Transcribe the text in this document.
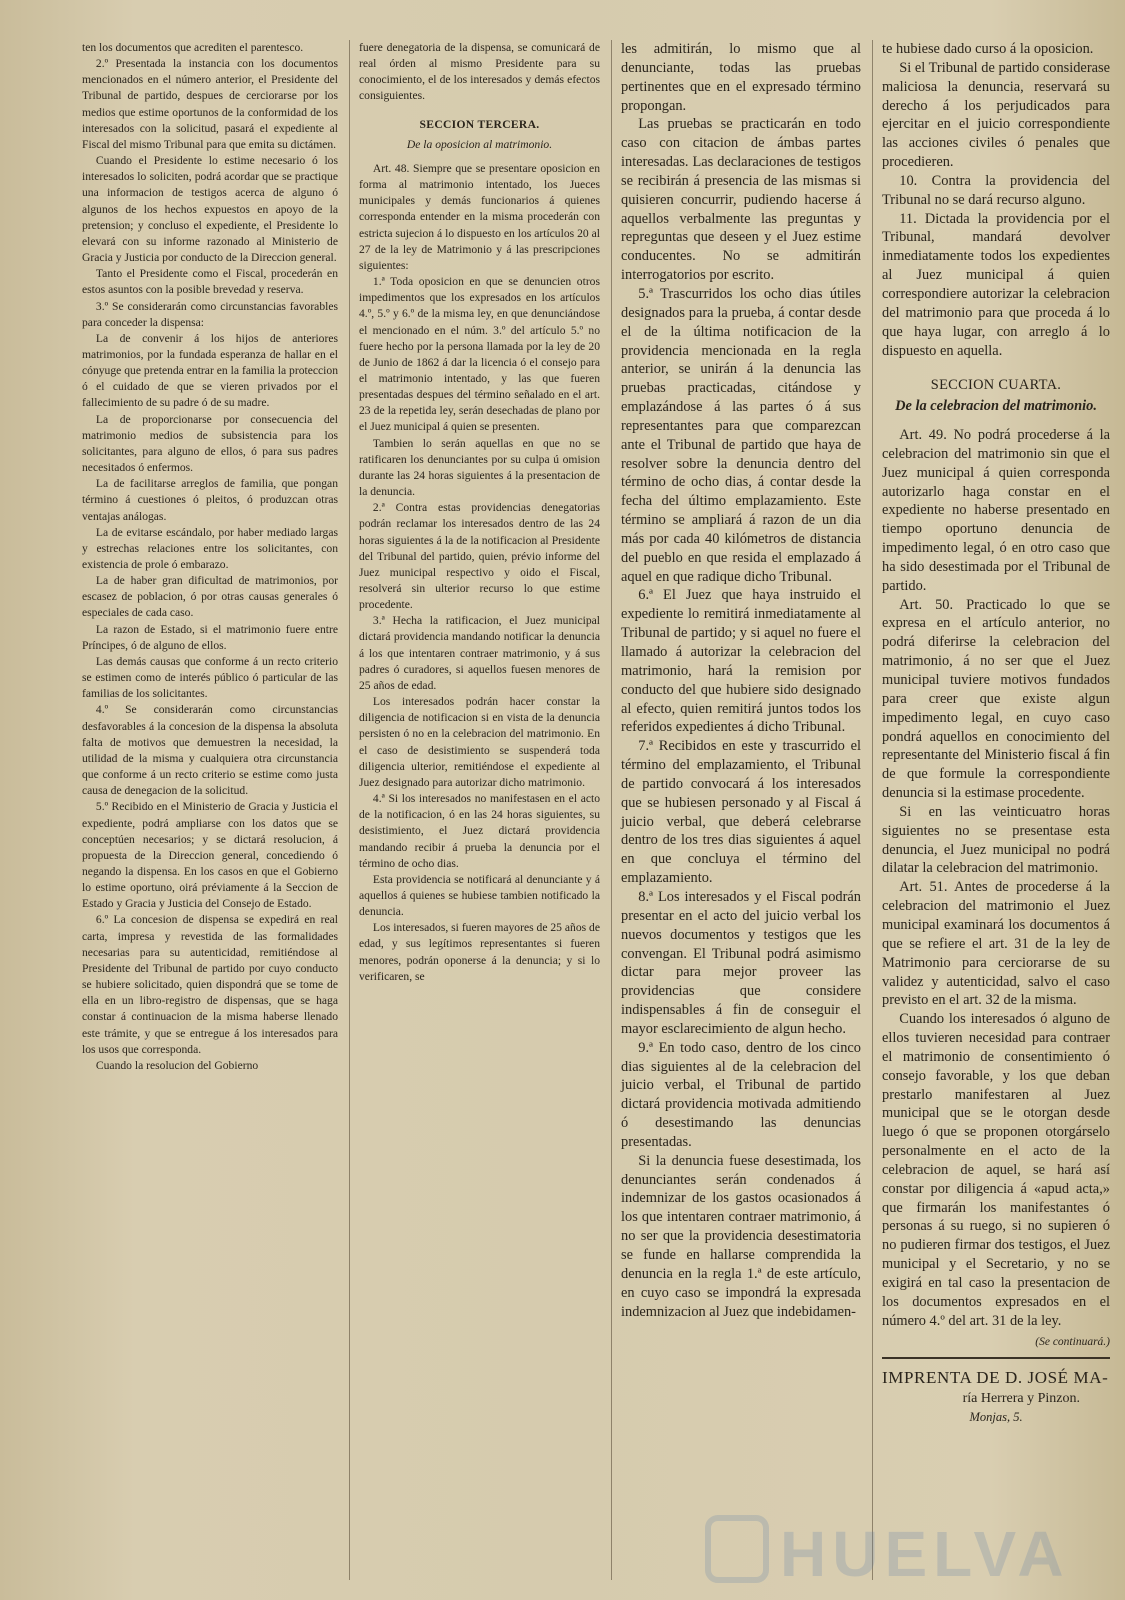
ten los documentos que acrediten el parentesco.

2.º Presentada la instancia con los documentos mencionados en el número anterior, el Presidente del Tribunal de partido, despues de cerciorarse por los medios que estime oportunos de la conformidad de los interesados con la solicitud, pasará el expediente al Fiscal del mismo Tribunal para que emita su dictámen.

Cuando el Presidente lo estime necesario ó los interesados lo soliciten, podrá acordar que se practique una informacion de testigos acerca de alguno ó algunos de los hechos expuestos en apoyo de la pretension; y concluso el expediente, el Presidente lo elevará con su informe razonado al Ministerio de Gracia y Justicia por conducto de la Direccion general.

Tanto el Presidente como el Fiscal, procederán en estos asuntos con la posible brevedad y reserva.

3.º Se considerarán como circunstancias favorables para conceder la dispensa:

La de convenir á los hijos de anteriores matrimonios, por la fundada esperanza de hallar en el cónyuge que pretenda entrar en la familia la proteccion ó el cuidado de que se vieren privados por el fallecimiento de su padre ó de su madre.

La de proporcionarse por consecuencia del matrimonio medios de subsistencia para los solicitantes, para alguno de ellos, ó para sus padres necesitados ó enfermos.

La de facilitarse arreglos de familia, que pongan término á cuestiones ó pleitos, ó produzcan otras ventajas análogas.

La de evitarse escándalo, por haber mediado largas y estrechas relaciones entre los solicitantes, con existencia de prole ó embarazo.

La de haber gran dificultad de matrimonios, por escasez de poblacion, ó por otras causas generales ó especiales de cada caso.

La razon de Estado, si el matrimonio fuere entre Príncipes, ó de alguno de ellos.

Las demás causas que conforme á un recto criterio se estimen como de interés público ó particular de las familias de los solicitantes.

4.º Se considerarán como circunstancias desfavorables á la concesion de la dispensa la absoluta falta de motivos que demuestren la necesidad, la utilidad de la misma y cualquiera otra circunstancia que conforme á un recto criterio se estime como justa causa de denegacion de la solicitud.

5.º Recibido en el Ministerio de Gracia y Justicia el expediente, podrá ampliarse con los datos que se conceptúen necesarios; y se dictará resolucion, á propuesta de la Direccion general, concediendo ó negando la dispensa. En los casos en que el Gobierno lo estime oportuno, oirá préviamente á la Seccion de Estado y Gracia y Justicia del Consejo de Estado.

6.º La concesion de dispensa se expedirá en real carta, impresa y revestida de las formalidades necesarias para su autenticidad, remitiéndose al Presidente del Tribunal de partido por cuyo conducto se hubiere solicitado, quien dispondrá que se tome de ella en un libro-registro de dispensas, que se haga constar á continuacion de la misma haberse llenado este trámite, y que se entregue á los interesados para los usos que corresponda.

Cuando la resolucion del Gobierno

fuere denegatoria de la dispensa, se comunicará de real órden al mismo Presidente para su conocimiento, el de los interesados y demás efectos consiguientes.

SECCION TERCERA.

De la oposicion al matrimonio.

Art. 48. Siempre que se presentare oposicion en forma al matrimonio intentado, los Jueces municipales y demás funcionarios á quienes corresponda entender en la misma procederán con estricta sujecion á lo dispuesto en los artículos 20 al 27 de la ley de Matrimonio y á las prescripciones siguientes:

1.ª Toda oposicion en que se denuncien otros impedimentos que los expresados en los artículos 4.º, 5.º y 6.º de la misma ley, en que denunciándose el mencionado en el núm. 3.º del artículo 5.º no fuere hecho por la persona llamada por la ley de 20 de Junio de 1862 á dar la licencia ó el consejo para el matrimonio intentado, y las que fueren presentadas despues del término señalado en el art. 23 de la repetida ley, serán desechadas de plano por el Juez municipal á quien se presenten.

Tambien lo serán aquellas en que no se ratificaren los denunciantes por su culpa ú omision durante las 24 horas siguientes á la presentacion de la denuncia.

2.ª Contra estas providencias denegatorias podrán reclamar los interesados dentro de las 24 horas siguientes á la de la notificacion al Presidente del Tribunal del partido, quien, prévio informe del Juez municipal respectivo y oido el Fiscal, resolverá sin ulterior recurso lo que estime procedente.

3.ª Hecha la ratificacion, el Juez municipal dictará providencia mandando notificar la denuncia á los que intentaren contraer matrimonio, y á sus padres ó curadores, si aquellos fuesen menores de 25 años de edad.

Los interesados podrán hacer constar la diligencia de notificacion si en vista de la denuncia persisten ó no en la celebracion del matrimonio. En el caso de desistimiento se suspenderá toda diligencia ulterior, remitiéndose el expediente al Juez designado para autorizar dicho matrimonio.

4.ª Si los interesados no manifestasen en el acto de la notificacion, ó en las 24 horas siguientes, su desistimiento, el Juez dictará providencia mandando recibir á prueba la denuncia por el término de ocho dias.

Esta providencia se notificará al denunciante y á aquellos á quienes se hubiese tambien notificado la denuncia.

Los interesados, si fueren mayores de 25 años de edad, y sus legítimos representantes si fueren menores, podrán oponerse á la denuncia; y si lo verificaren, se

les admitirán, lo mismo que al denunciante, todas las pruebas pertinentes que en el expresado término propongan.

Las pruebas se practicarán en todo caso con citacion de ámbas partes interesadas. Las declaraciones de testigos se recibirán á presencia de las mismas si quisieren concurrir, pudiendo hacerse á aquellos verbalmente las preguntas y repreguntas que deseen y el Juez estime conducentes. No se admitirán interrogatorios por escrito.

5.ª Trascurridos los ocho dias útiles designados para la prueba, á contar desde el de la última notificacion de la providencia mencionada en la regla anterior, se unirán á la denuncia las pruebas practicadas, citándose y emplazándose á las partes ó á sus representantes para que comparezcan ante el Tribunal de partido que haya de resolver sobre la denuncia dentro del término de ocho dias, á contar desde la fecha del último emplazamiento. Este término se ampliará á razon de un dia más por cada 40 kilómetros de distancia del pueblo en que resida el emplazado á aquel en que radique dicho Tribunal.

6.ª El Juez que haya instruido el expediente lo remitirá inmediatamente al Tribunal de partido; y si aquel no fuere el llamado á autorizar la celebracion del matrimonio, hará la remision por conducto del que hubiere sido designado al efecto, quien remitirá juntos todos los referidos expedientes á dicho Tribunal.

7.ª Recibidos en este y trascurrido el término del emplazamiento, el Tribunal de partido convocará á los interesados que se hubiesen personado y al Fiscal á juicio verbal, que deberá celebrarse dentro de los tres dias siguientes á aquel en que concluya el término del emplazamiento.

8.ª Los interesados y el Fiscal podrán presentar en el acto del juicio verbal los nuevos documentos y testigos que les convengan. El Tribunal podrá asimismo dictar para mejor proveer las providencias que considere indispensables á fin de conseguir el mayor esclarecimiento de algun hecho.

9.ª En todo caso, dentro de los cinco dias siguientes al de la celebracion del juicio verbal, el Tribunal de partido dictará providencia motivada admitiendo ó desestimando las denuncias presentadas.

Si la denuncia fuese desestimada, los denunciantes serán condenados á indemnizar de los gastos ocasionados á los que intentaren contraer matrimonio, á no ser que la providencia desestimatoria se funde en hallarse comprendida la denuncia en la regla 1.ª de este artículo, en cuyo caso se impondrá la expresada indemnizacion al Juez que indebidamen-

te hubiese dado curso á la oposicion.

Si el Tribunal de partido considerase maliciosa la denuncia, reservará su derecho á los perjudicados para ejercitar en el juicio correspondiente las acciones civiles ó penales que procedieren.

10. Contra la providencia del Tribunal no se dará recurso alguno.

11. Dictada la providencia por el Tribunal, mandará devolver inmediatamente todos los expedientes al Juez municipal á quien correspondiere autorizar la celebracion del matrimonio para que proceda á lo que haya lugar, con arreglo á lo dispuesto en aquella.

SECCION CUARTA.

De la celebracion del matrimonio.

Art. 49. No podrá procederse á la celebracion del matrimonio sin que el Juez municipal á quien corresponda autorizarlo haga constar en el expediente no haberse presentado en tiempo oportuno denuncia de impedimento legal, ó en otro caso que ha sido desestimada por el Tribunal de partido.

Art. 50. Practicado lo que se expresa en el artículo anterior, no podrá diferirse la celebracion del matrimonio, á no ser que el Juez municipal tuviere motivos fundados para creer que existe algun impedimento legal, en cuyo caso pondrá aquellos en conocimiento del representante del Ministerio fiscal á fin de que formule la correspondiente denuncia si la estimase procedente.

Si en las veinticuatro horas siguientes no se presentase esta denuncia, el Juez municipal no podrá dilatar la celebracion del matrimonio.

Art. 51. Antes de procederse á la celebracion del matrimonio el Juez municipal examinará los documentos á que se refiere el art. 31 de la ley de Matrimonio para cerciorarse de su validez y autenticidad, salvo el caso previsto en el art. 32 de la misma.

Cuando los interesados ó alguno de ellos tuvieren necesidad para contraer el matrimonio de consentimiento ó consejo favorable, y los que deban prestarlo manifestaren al Juez municipal que se le otorgan desde luego ó que se proponen otorgárselo personalmente en el acto de la celebracion de aquel, se hará así constar por diligencia á «apud acta,» que firmarán los manifestantes ó personas á su ruego, si no supieren ó no pudieren firmar dos testigos, el Juez municipal y el Secretario, y no se exigirá en tal caso la presentacion de los documentos expresados en el número 4.º del art. 31 de la ley.

(Se continuará.)

IMPRENTA DE D. JOSÉ MA-

ría Herrera y Pinzon.

Monjas, 5.

HUELVA
